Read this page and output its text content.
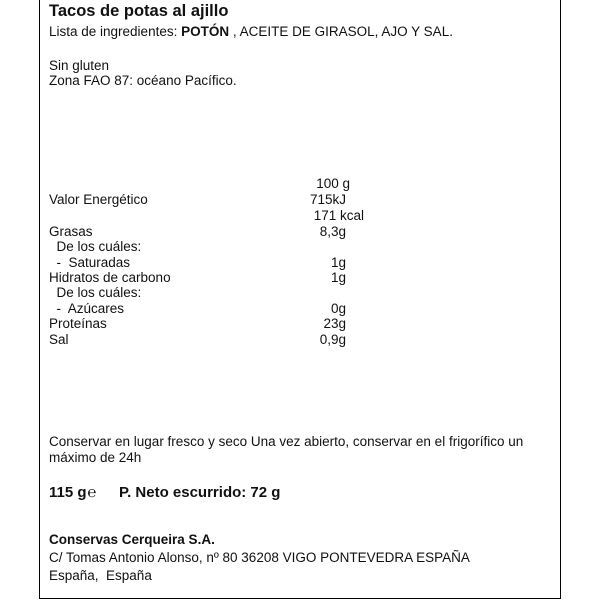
Tacos de potas al ajillo
Lista de ingredientes: POTÓN , ACEITE DE GIRASOL, AJO Y SAL.
Sin gluten
Zona FAO 87: océano Pacífico.
100 g
Valor Energético	715kJ
171 kcal
Grasas	8,3g
De los cuáles:
-  Saturadas	1g
Hidratos de carbono	1g
De los cuáles:
-  Azúcares	0g
Proteínas	23g
Sal	0,9g
Conservar en lugar fresco y seco Una vez abierto, conservar en el frigorífico un
máximo de 24h
115 g℮ P. Neto escurrido: 72 g
Conservas Cerqueira S.A.
C/ Tomas Antonio Alonso, nº 80 36208 VIGO PONTEVEDRA ESPAÑA
España,  España
